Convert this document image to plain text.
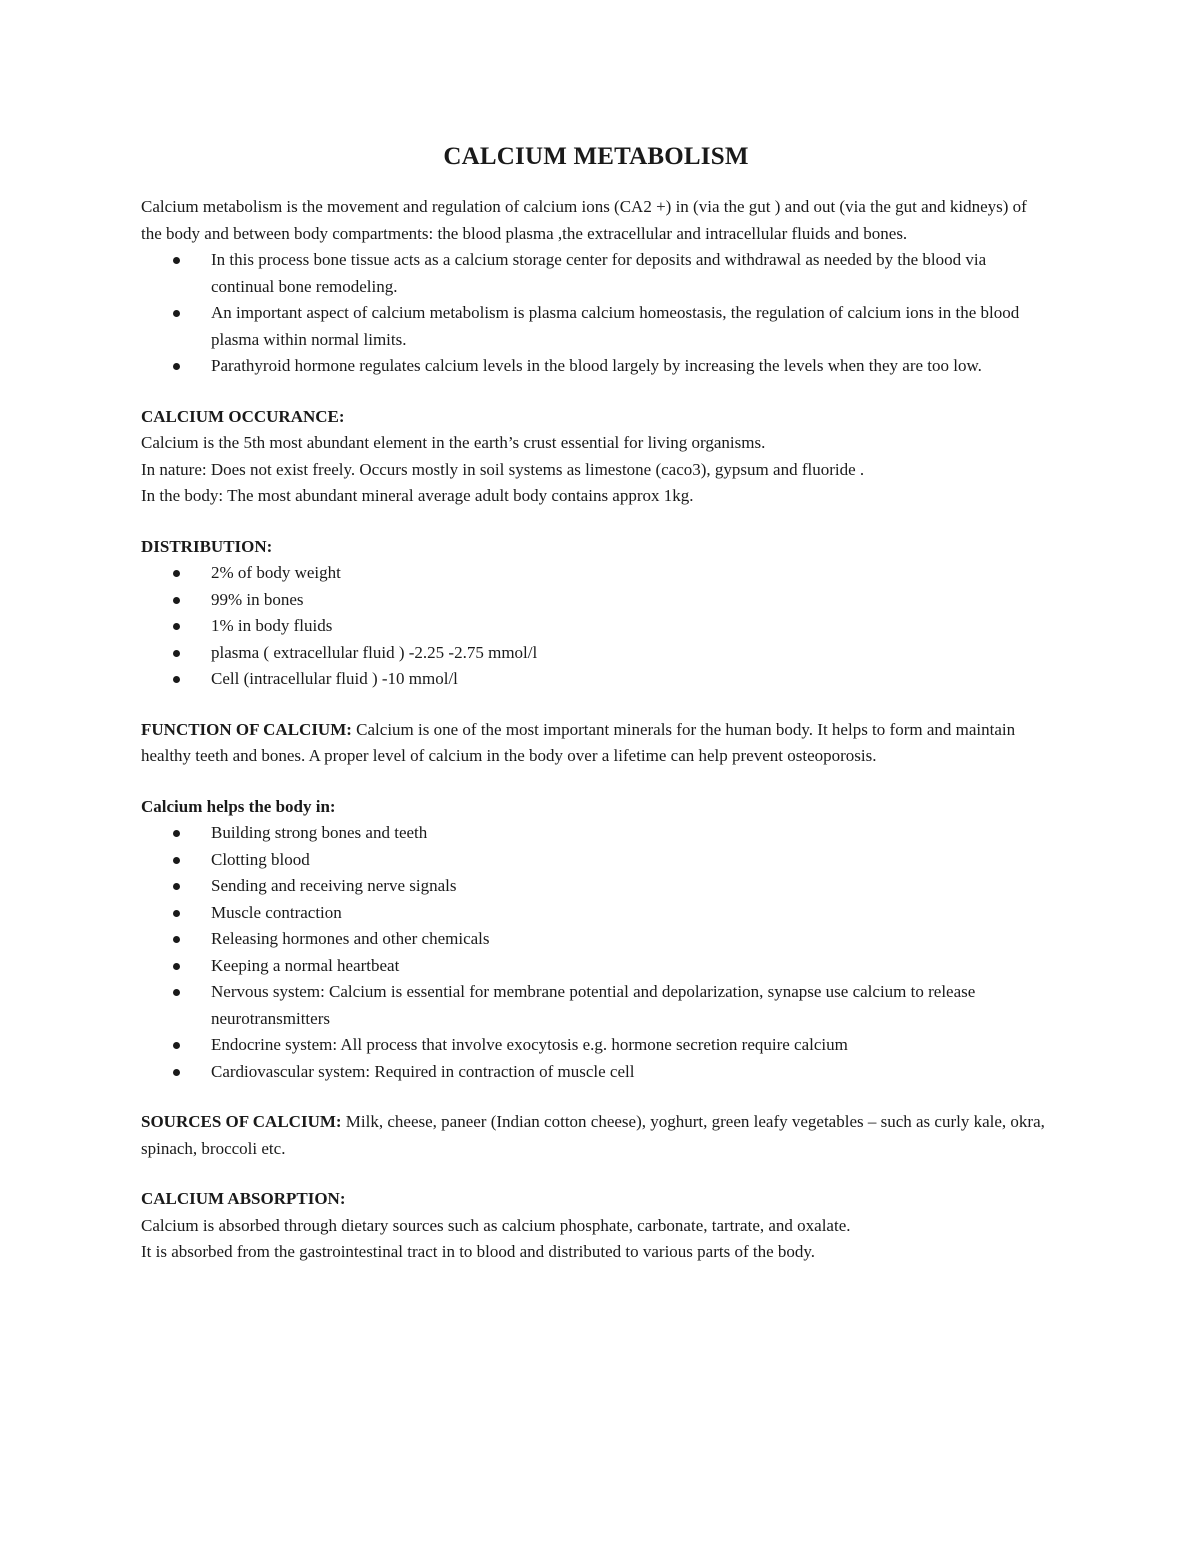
CALCIUM METABOLISM

Calcium metabolism is the movement and regulation of calcium ions (CA2 +) in (via the gut ) and out (via the gut and kidneys) of the body and between body compartments: the blood plasma ,the extracellular and intracellular fluids and bones.

In this process bone tissue acts as a calcium storage center for deposits and withdrawal as needed by the blood via continual bone remodeling.
An important aspect of calcium metabolism is plasma calcium homeostasis, the regulation of calcium ions in the blood plasma within normal limits.
Parathyroid hormone regulates calcium levels in the blood largely by increasing the levels when they are too low.

CALCIUM OCCURANCE:

Calcium is the 5th most abundant element in the earth’s crust essential for living organisms.

In nature: Does not exist freely. Occurs mostly in soil systems as limestone (caco3), gypsum and fluoride .

In the body: The most abundant mineral average adult body contains approx 1kg.

DISTRIBUTION:

2% of body weight
99% in bones
1% in body fluids
plasma ( extracellular fluid ) -2.25 -2.75 mmol/l
Cell (intracellular fluid ) -10 mmol/l

FUNCTION OF CALCIUM: Calcium is one of the most important minerals for the human body. It helps to form and maintain healthy teeth and bones. A proper level of calcium in the body over a lifetime can help prevent osteoporosis.

Calcium helps the body in:

Building strong bones and teeth
Clotting blood
Sending and receiving nerve signals
Muscle contraction
Releasing hormones and other chemicals
Keeping a normal heartbeat
Nervous system: Calcium is essential for membrane potential and depolarization, synapse use calcium to release neurotransmitters
Endocrine system: All process that involve exocytosis e.g. hormone secretion require calcium
Cardiovascular system: Required in contraction of muscle cell

SOURCES OF CALCIUM: Milk, cheese, paneer (Indian cotton cheese), yoghurt, green leafy vegetables – such as curly kale, okra, spinach, broccoli etc.

CALCIUM ABSORPTION:

Calcium is absorbed through dietary sources such as calcium phosphate, carbonate, tartrate, and oxalate.

It is absorbed from the gastrointestinal tract in to blood and distributed to various parts of the body.
